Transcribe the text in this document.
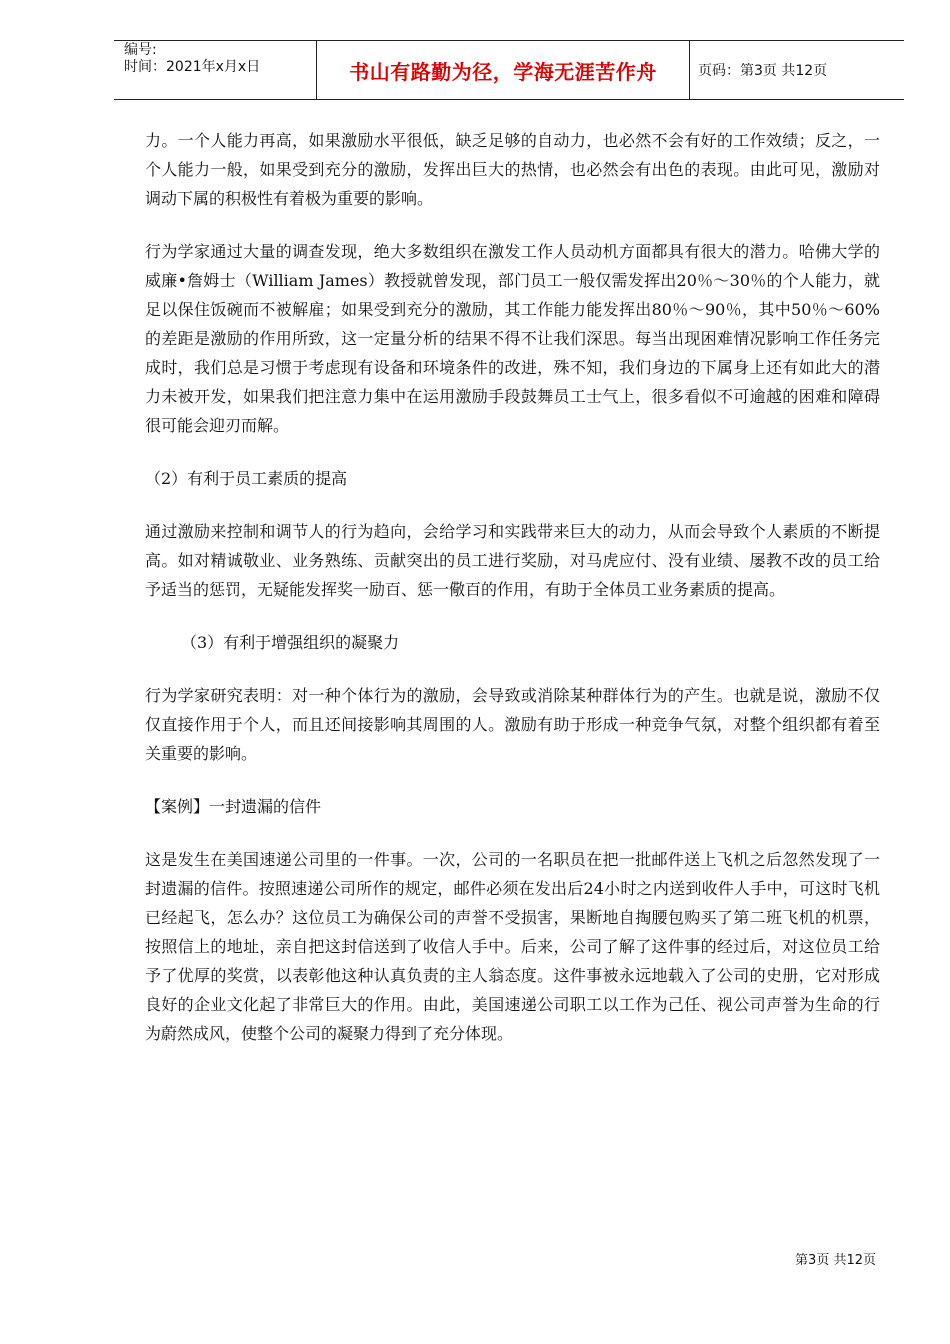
编号:
时间：2021年x月x日	书山有路勤为径，学海无涯苦作舟	页码：第3页 共12页

力。一个人能力再高，如果激励水平很低，缺乏足够的自动力，也必然不会有好的工作效绩；反之，一个人能力一般，如果受到充分的激励，发挥出巨大的热情，也必然会有出色的表现。由此可见，激励对调动下属的积极性有着极为重要的影响。

行为学家通过大量的调查发现，绝大多数组织在激发工作人员动机方面都具有很大的潜力。哈佛大学的威廉•詹姆士（William James）教授就曾发现，部门员工一般仅需发挥出20％～30％的个人能力，就足以保住饭碗而不被解雇；如果受到充分的激励，其工作能力能发挥出80％～90％，其中50％～60%的差距是激励的作用所致，这一定量分析的结果不得不让我们深思。每当出现困难情况影响工作任务完成时，我们总是习惯于考虑现有设备和环境条件的改进，殊不知，我们身边的下属身上还有如此大的潜力未被开发，如果我们把注意力集中在运用激励手段鼓舞员工士气上，很多看似不可逾越的困难和障碍很可能会迎刃而解。

（2）有利于员工素质的提高

通过激励来控制和调节人的行为趋向，会给学习和实践带来巨大的动力，从而会导致个人素质的不断提高。如对精诚敬业、业务熟练、贡献突出的员工进行奖励，对马虎应付、没有业绩、屡教不改的员工给予适当的惩罚，无疑能发挥奖一励百、惩一儆百的作用，有助于全体员工业务素质的提高。

（3）有利于增强组织的凝聚力

行为学家研究表明：对一种个体行为的激励，会导致或消除某种群体行为的产生。也就是说，激励不仅仅直接作用于个人，而且还间接影响其周围的人。激励有助于形成一种竞争气氛，对整个组织都有着至关重要的影响。

【案例】一封遗漏的信件

这是发生在美国速递公司里的一件事。一次，公司的一名职员在把一批邮件送上飞机之后忽然发现了一封遗漏的信件。按照速递公司所作的规定，邮件必须在发出后24小时之内送到收件人手中，可这时飞机已经起飞，怎么办？这位员工为确保公司的声誉不受损害，果断地自掏腰包购买了第二班飞机的机票，按照信上的地址，亲自把这封信送到了收信人手中。后来，公司了解了这件事的经过后，对这位员工给予了优厚的奖赏，以表彰他这种认真负责的主人翁态度。这件事被永远地载入了公司的史册，它对形成良好的企业文化起了非常巨大的作用。由此，美国速递公司职工以工作为己任、视公司声誉为生命的行为蔚然成风，使整个公司的凝聚力得到了充分体现。

第3页 共12页
